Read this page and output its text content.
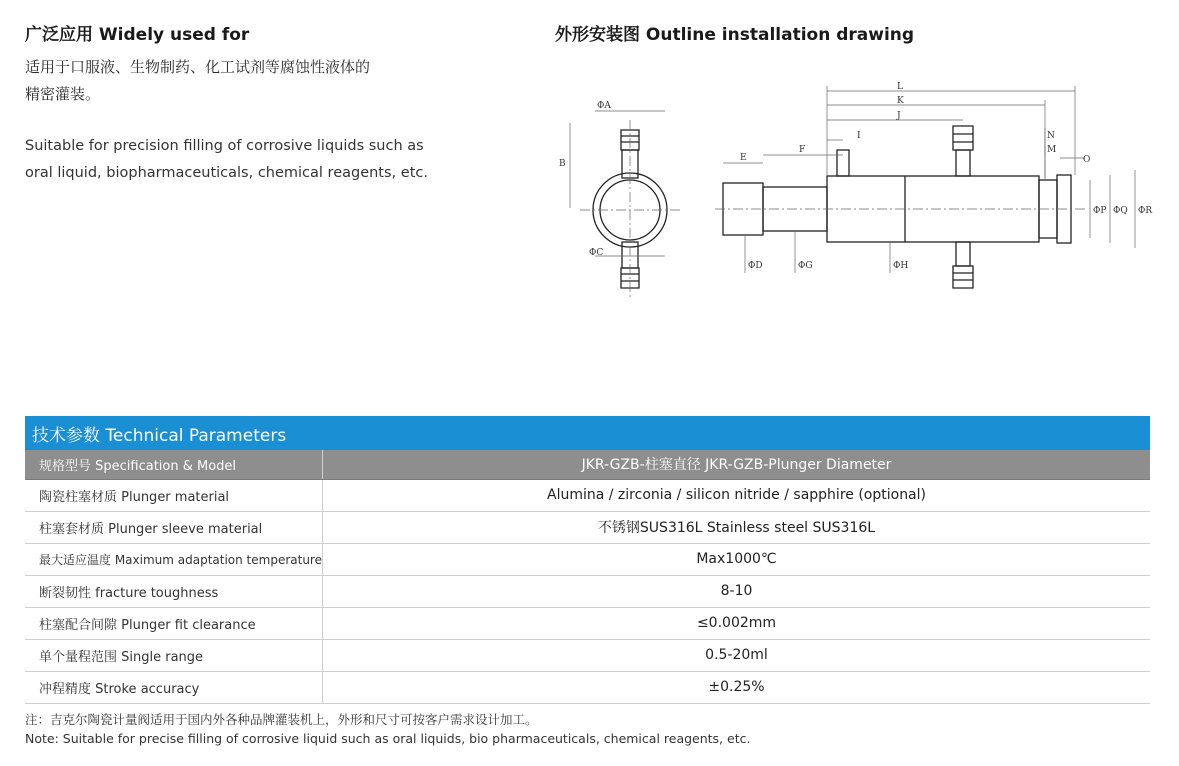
广泛应用 Widely used for
适用于口服液、生物制药、化工试剂等腐蚀性液体的
精密灌装。
Suitable for precision filling of corrosive liquids such as
oral liquid, biopharmaceuticals, chemical reagents, etc.
外形安装图 Outline installation drawing
ΦA
B
ΦC
L
K
J
I
F
E
N
M
O
ΦP ΦQ ΦR
ΦD	ΦG	ΦH
技术参数 Technical Parameters
规格型号 Specification & Model	JKR-GZB-柱塞直径 JKR-GZB-Plunger Diameter
陶瓷柱塞材质 Plunger material	Alumina / zirconia / silicon nitride / sapphire (optional)
柱塞套材质 Plunger sleeve material	不锈钢SUS316L Stainless steel SUS316L
最大适应温度 Maximum adaptation temperature	Max1000℃
断裂韧性 fracture toughness	8-10
柱塞配合间隙 Plunger fit clearance	≤0.002mm
单个量程范围 Single range	0.5-20ml
冲程精度 Stroke accuracy	±0.25%
注：吉克尔陶瓷计量阀适用于国内外各种品牌灌装机上，外形和尺寸可按客户需求设计加工。
Note: Suitable for precise filling of corrosive liquid such as oral liquids, bio pharmaceuticals, chemical reagents, etc.
